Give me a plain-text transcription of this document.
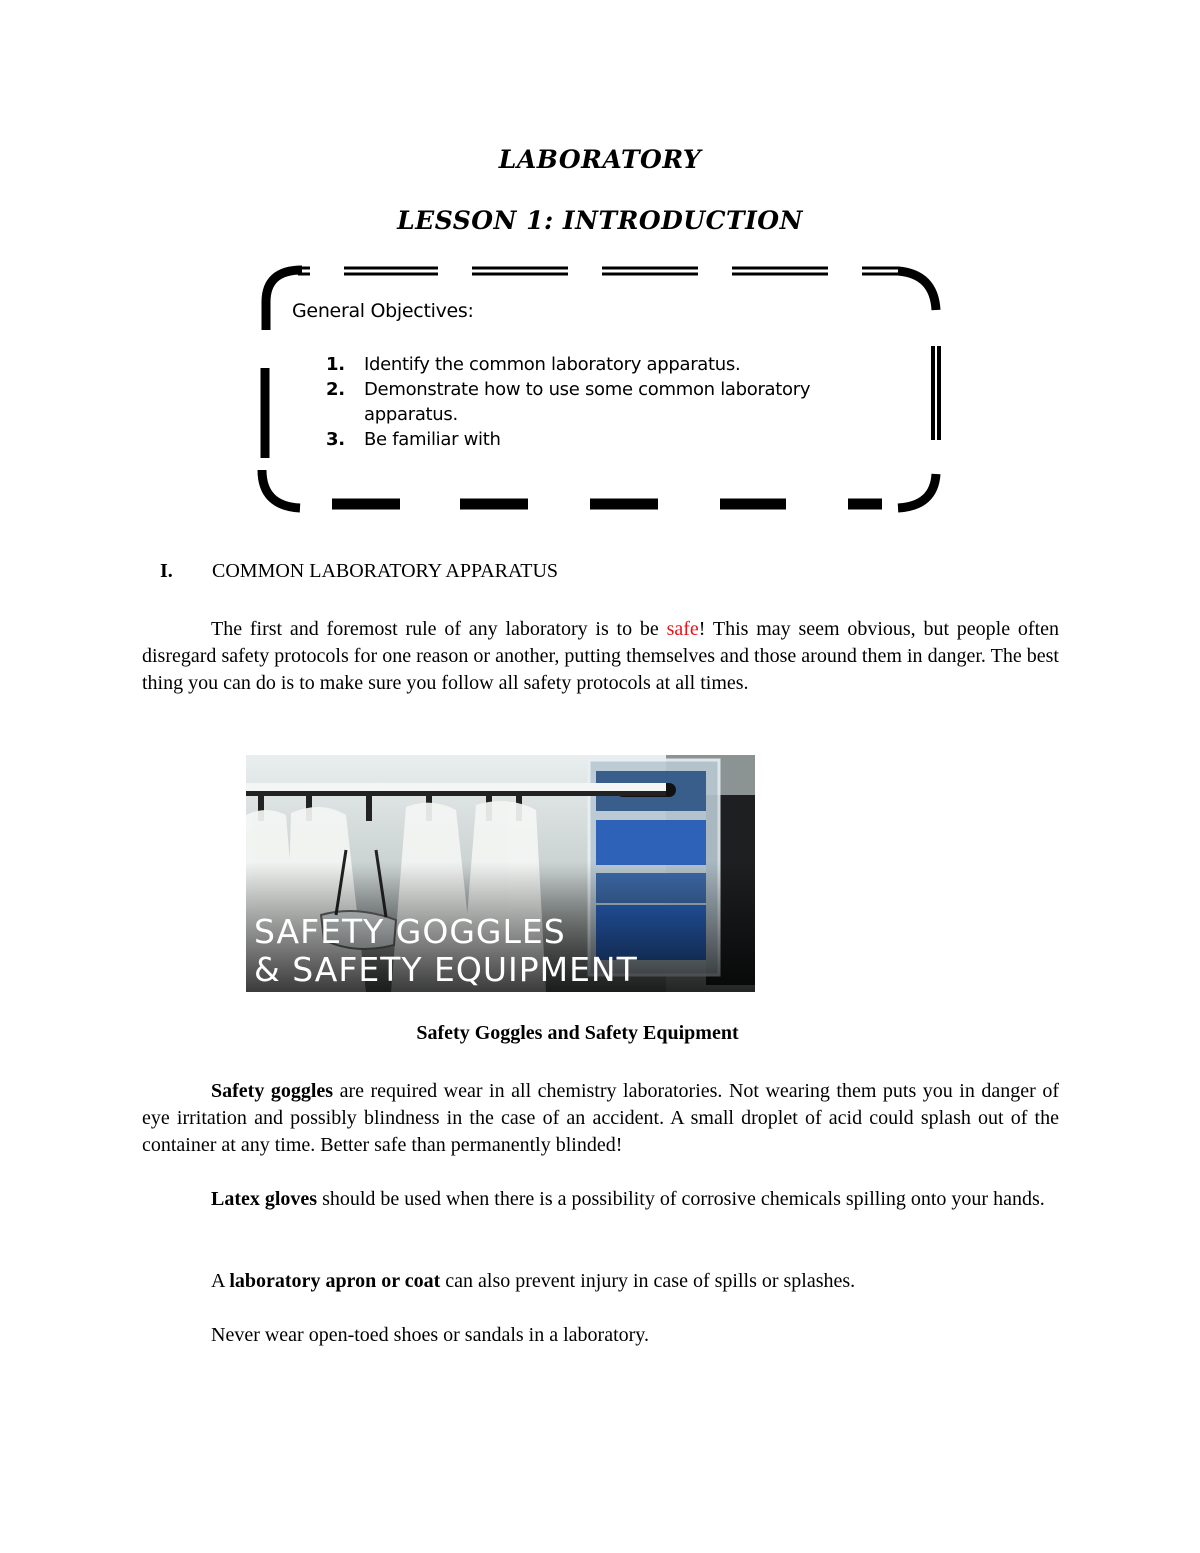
LABORATORY
LESSON 1: INTRODUCTION
General Objectives:
1. Identify the common laboratory apparatus.
2. Demonstrate how to use some common laboratory apparatus.
3. Be familiar with
I. COMMON LABORATORY APPARATUS

The first and foremost rule of any laboratory is to be safe! This may seem obvious, but people often disregard safety protocols for one reason or another, putting themselves and those around them in danger. The best thing you can do is to make sure you follow all safety protocols at all times.

SAFETY GOGGLES
& SAFETY EQUIPMENT
Safety Goggles and Safety Equipment

Safety goggles are required wear in all chemistry laboratories. Not wearing them puts you in danger of eye irritation and possibly blindness in the case of an accident. A small droplet of acid could splash out of the container at any time. Better safe than permanently blinded!

Latex gloves should be used when there is a possibility of corrosive chemicals spilling onto your hands.

A laboratory apron or coat can also prevent injury in case of spills or splashes.

Never wear open-toed shoes or sandals in a laboratory.
